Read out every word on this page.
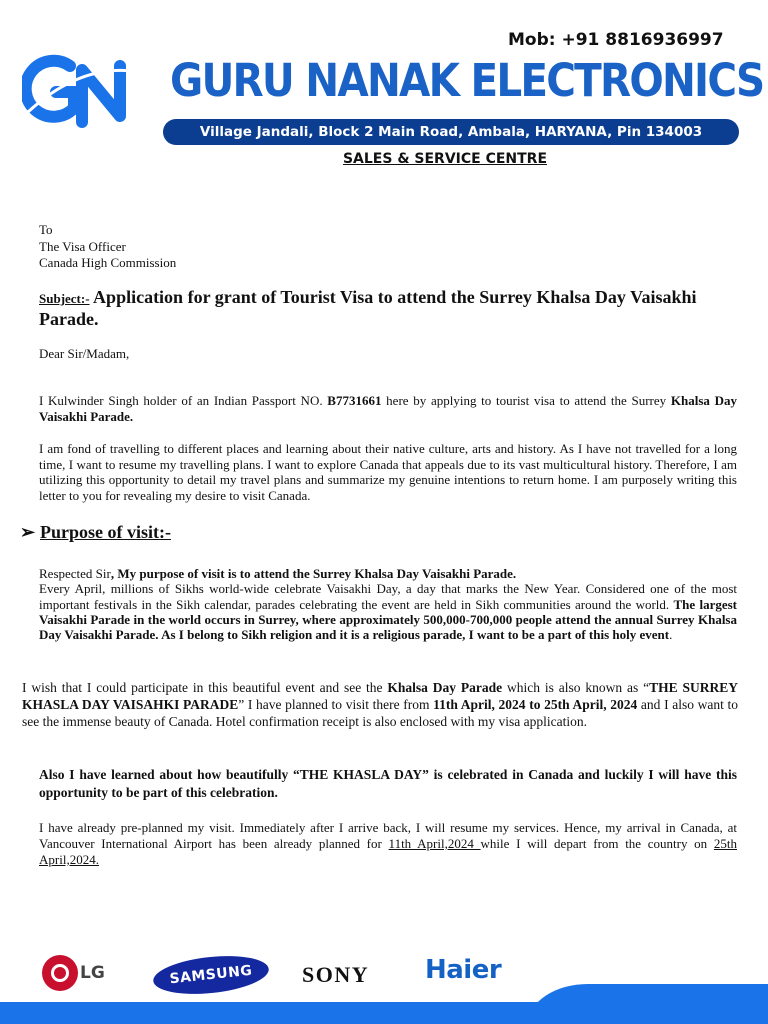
Mob: +91 8816936997
GURU NANAK ELECTRONICS
Village Jandali, Block 2 Main Road, Ambala, HARYANA, Pin 134003
SALES & SERVICE CENTRE
To
The Visa Officer
Canada High Commission
Subject:- Application for grant of Tourist Visa to attend the Surrey Khalsa Day Vaisakhi Parade.
Dear Sir/Madam,
I Kulwinder Singh holder of an Indian Passport NO. B7731661 here by applying to tourist visa to attend the Surrey Khalsa Day Vaisakhi Parade.
I am fond of travelling to different places and learning about their native culture, arts and history. As I have not travelled for a long time, I want to resume my travelling plans. I want to explore Canada that appeals due to its vast multicultural history. Therefore, I am utilizing this opportunity to detail my travel plans and summarize my genuine intentions to return home. I am purposely writing this letter to you for revealing my desire to visit Canada.
➢ Purpose of visit:-
Respected Sir, My purpose of visit is to attend the Surrey Khalsa Day Vaisakhi Parade.
Every April, millions of Sikhs world-wide celebrate Vaisakhi Day, a day that marks the New Year. Considered one of the most important festivals in the Sikh calendar, parades celebrating the event are held in Sikh communities around the world. The largest Vaisakhi Parade in the world occurs in Surrey, where approximately 500,000-700,000 people attend the annual Surrey Khalsa Day Vaisakhi Parade. As I belong to Sikh religion and it is a religious parade, I want to be a part of this holy event.
I wish that I could participate in this beautiful event and see the Khalsa Day Parade which is also known as “THE SURREY KHASLA DAY VAISAHKI PARADE” I have planned to visit there from 11th April, 2024 to 25th April, 2024 and I also want to see the immense beauty of Canada. Hotel confirmation receipt is also enclosed with my visa application.
Also I have learned about how beautifully “THE KHASLA DAY” is celebrated in Canada and luckily I will have this opportunity to be part of this celebration.
I have already pre-planned my visit. Immediately after I arrive back, I will resume my services. Hence, my arrival in Canada, at Vancouver International Airport has been already planned for 11th April,2024 while I will depart from the country on 25th April,2024.
LG	SAMSUNG	SONY Haier
